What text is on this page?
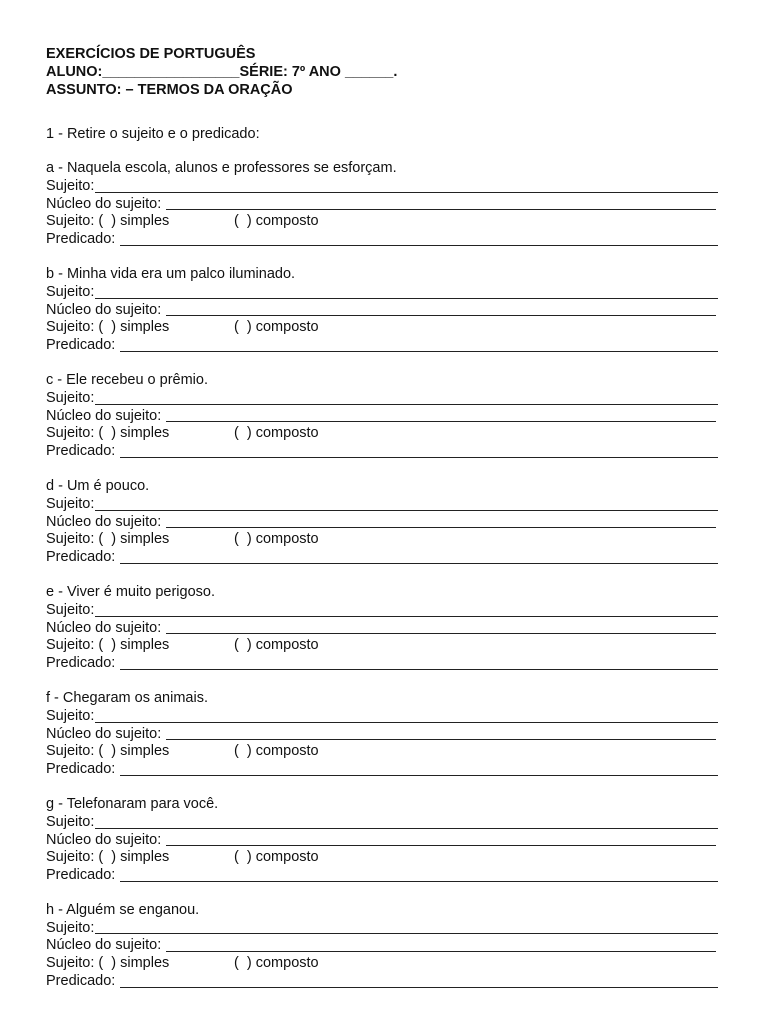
EXERCÍCIOS DE PORTUGUÊS
ALUNO:_________________SÉRIE: 7º ANO ______.
ASSUNTO: – TERMOS DA ORAÇÃO
1 - Retire o sujeito e o predicado:
a - Naquela escola, alunos e professores se esforçam.
Sujeito:
Núcleo do sujeito:
Sujeito: (  ) simples	(  ) composto
Predicado:
b - Minha vida era um palco iluminado.
Sujeito:
Núcleo do sujeito:
Sujeito: (  ) simples	(  ) composto
Predicado:
c - Ele recebeu o prêmio.
Sujeito:
Núcleo do sujeito:
Sujeito: (  ) simples	(  ) composto
Predicado:
d - Um é pouco.
Sujeito:
Núcleo do sujeito:
Sujeito: (  ) simples	(  ) composto
Predicado:
e - Viver é muito perigoso.
Sujeito:
Núcleo do sujeito:
Sujeito: (  ) simples	(  ) composto
Predicado:
f - Chegaram os animais.
Sujeito:
Núcleo do sujeito:
Sujeito: (  ) simples	(  ) composto
Predicado:
g - Telefonaram para você.
Sujeito:
Núcleo do sujeito:
Sujeito: (  ) simples	(  ) composto
Predicado:
h - Alguém se enganou.
Sujeito:
Núcleo do sujeito:
Sujeito: (  ) simples	(  ) composto
Predicado:
